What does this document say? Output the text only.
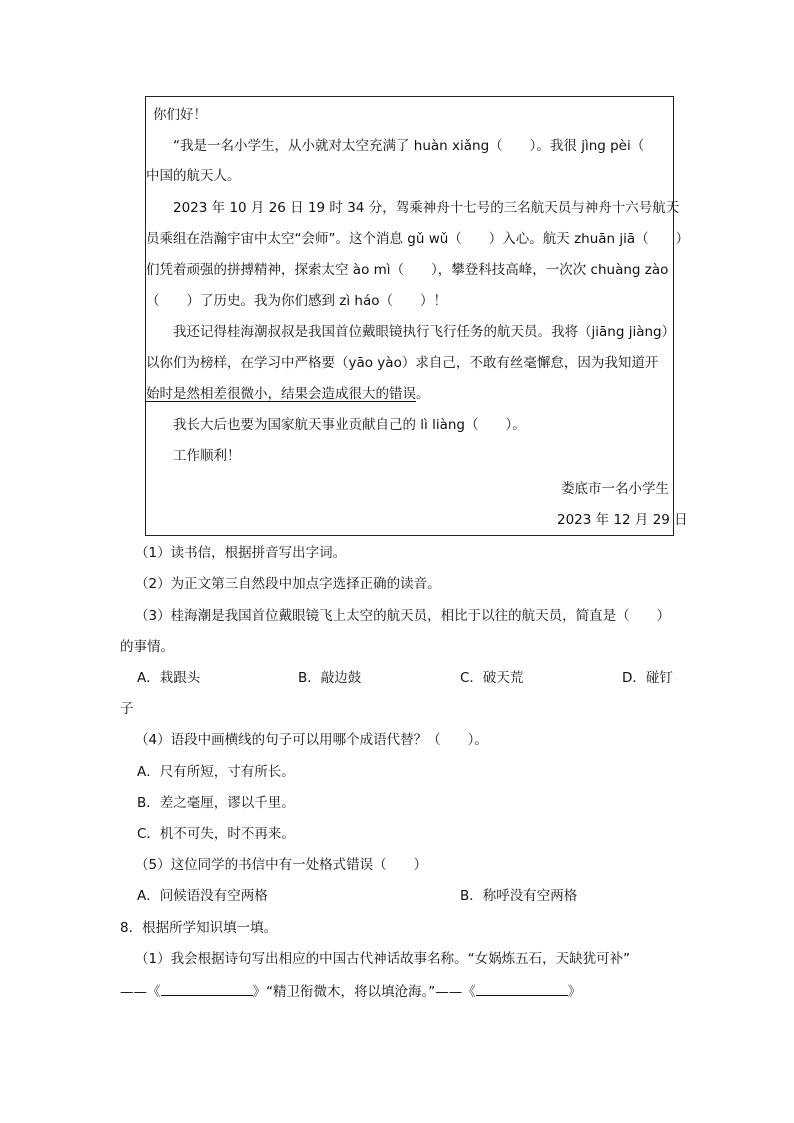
你们好！
“我是一名小学生，从小就对太空充满了 huàn xiǎng（　　）。我很 jìng pèi（
中国的航天人。
2023 年 10 月 26 日 19 时 34 分，驾乘神舟十七号的三名航天员与神舟十六号航天
员乘组在浩瀚宇宙中太空“会师”。这个消息 gǔ wǔ（　　）入心。航天 zhuān jiā（　　）
们凭着顽强的拼搏精神，探索太空 ào mì（　　），攀登科技高峰，一次次 chuàng zào
（　　）了历史。我为你们感到 zì háo（　　）！
我还记得桂海潮叔叔是我国首位戴眼镜执行飞行任务的航天员。我将（jiāng jiàng）
以你们为榜样，在学习中严格要（yāo yào）求自己，不敢有丝毫懈怠，因为我知道开
始时是然相差很微小，结果会造成很大的错误。
我长大后也要为国家航天事业贡献自己的 lì liàng（　　）。
工作顺利！
娄底市一名小学生
2023 年 12 月 29 日
（1）读书信，根据拼音写出字词。
（2）为正文第三自然段中加点字选择正确的读音。
（3）桂海潮是我国首位戴眼镜飞上太空的航天员，相比于以往的航天员，简直是（　　）
的事情。
A．栽跟头	B．敲边鼓	C．破天荒	D．碰钉
子
（4）语段中画横线的句子可以用哪个成语代替？（　　）。
A．尺有所短，寸有所长。
B．差之毫厘，谬以千里。
C．机不可失，时不再来。
（5）这位同学的书信中有一处格式错误（　　）
A．问候语没有空两格	B．称呼没有空两格
8．根据所学知识填一填。
（1）我会根据诗句写出相应的中国古代神话故事名称。“女娲炼五石，天缺犹可补”
——《	》“精卫衔微木，将以填沧海。”——《	》
